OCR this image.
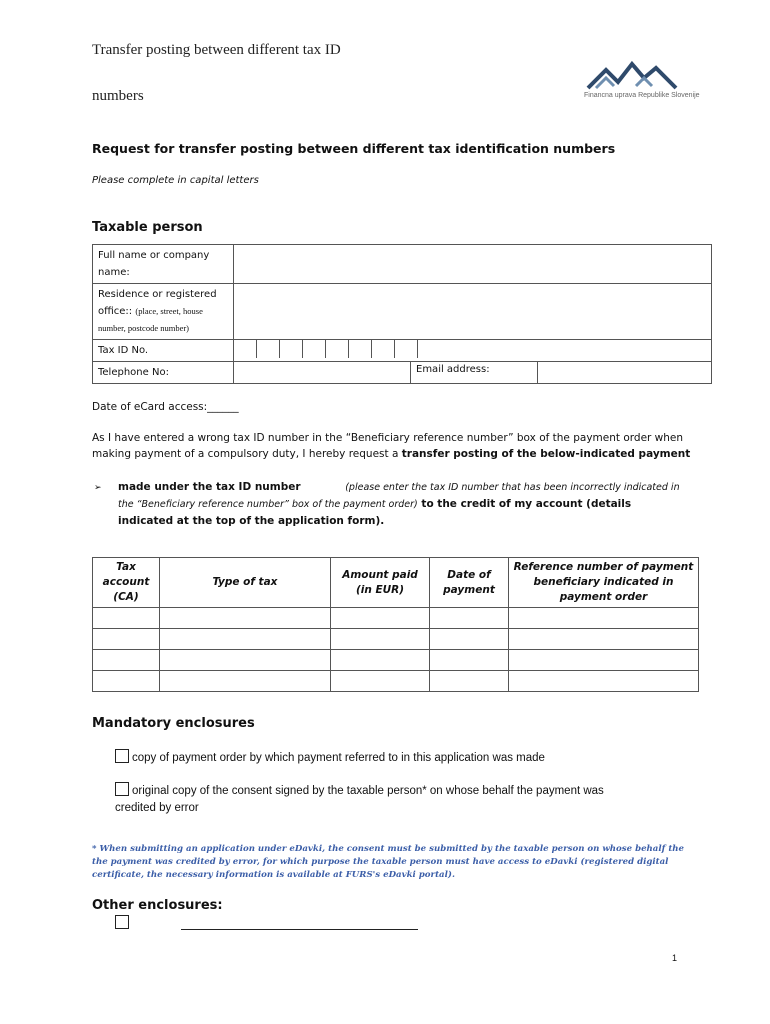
Transfer posting between different tax ID
numbers	Financna uprava Republike Slovenije
Request for transfer posting between different tax identification numbers
Please complete in capital letters
Taxable person
Full name or company
name:			
Residence or registered
office:: (place, street, house
number, postcode number)			
Tax ID No.			

Telephone No:		Email address:	
Date of eCard access:______
As I have entered a wrong tax ID number in the “Beneficiary reference number” box of the payment order when making payment of a compulsory duty, I hereby request a transfer posting of the below-indicated payment
➢ made under the tax ID number	(please enter the tax ID number that has been incorrectly indicated in the “Beneficiary reference number” box of the payment order) to the credit of my account (details indicated at the top of the application form).
Tax account (CA)	Type of tax	Amount paid (in EUR)	Date of payment	Reference number of payment beneficiary indicated in payment order

Mandatory enclosures
copy of payment order by which payment referred to in this application was made
original copy of the consent signed by the taxable person* on whose behalf the payment was
credited by error
* When submitting an application under eDavki, the consent must be submitted by the taxable person on whose behalf the the payment was credited by error, for which purpose the taxable person must have access to eDavki (registered digital certificate, the necessary information is available at FURS's eDavki portal).
Other enclosures:
1
